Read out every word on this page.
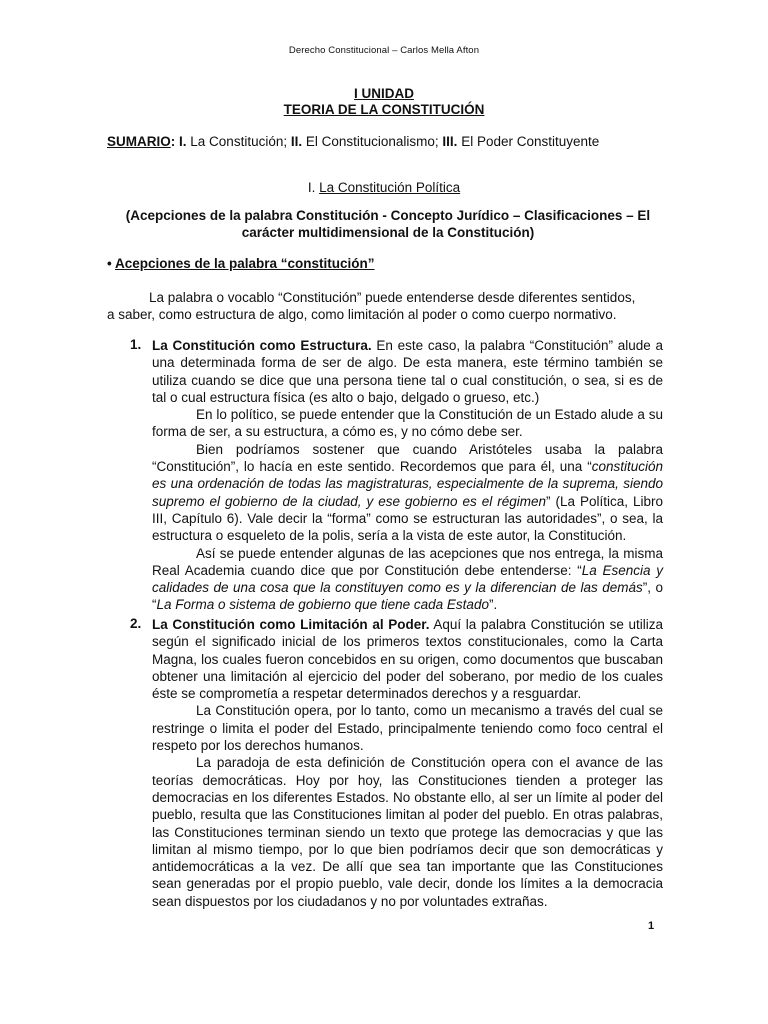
Derecho Constitucional – Carlos Mella Afton
I UNIDAD
TEORIA DE LA CONSTITUCIÓN
SUMARIO: I. La Constitución; II. El Constitucionalismo; III. El Poder Constituyente
I. La Constitución Política
(Acepciones de la palabra Constitución - Concepto Jurídico – Clasificaciones – El carácter multidimensional de la Constitución)
• Acepciones de la palabra “constitución”
La palabra o vocablo “Constitución” puede entenderse desde diferentes sentidos,
a saber, como estructura de algo, como limitación al poder o como cuerpo normativo.
1. La Constitución como Estructura. En este caso, la palabra “Constitución” alude a una determinada forma de ser de algo. De esta manera, este término también se utiliza cuando se dice que una persona tiene tal o cual constitución, o sea, si es de tal o cual estructura física (es alto o bajo, delgado o grueso, etc.)

En lo político, se puede entender que la Constitución de un Estado alude a su forma de ser, a su estructura, a cómo es, y no cómo debe ser.

Bien podríamos sostener que cuando Aristóteles usaba la palabra “Constitución”, lo hacía en este sentido. Recordemos que para él, una “constitución es una ordenación de todas las magistraturas, especialmente de la suprema, siendo supremo el gobierno de la ciudad, y ese gobierno es el régimen” (La Política, Libro III, Capítulo 6). Vale decir la “forma” como se estructuran las autoridades”, o sea, la estructura o esqueleto de la polis, sería a la vista de este autor, la Constitución.

Así se puede entender algunas de las acepciones que nos entrega, la misma Real Academia cuando dice que por Constitución debe entenderse: “La Esencia y calidades de una cosa que la constituyen como es y la diferencian de las demás”, o “La Forma o sistema de gobierno que tiene cada Estado”.

2. La Constitución como Limitación al Poder. Aquí la palabra Constitución se utiliza según el significado inicial de los primeros textos constitucionales, como la Carta Magna, los cuales fueron concebidos en su origen, como documentos que buscaban obtener una limitación al ejercicio del poder del soberano, por medio de los cuales éste se comprometía a respetar determinados derechos y a resguardar.

La Constitución opera, por lo tanto, como un mecanismo a través del cual se restringe o limita el poder del Estado, principalmente teniendo como foco central el respeto por los derechos humanos.

La paradoja de esta definición de Constitución opera con el avance de las teorías democráticas. Hoy por hoy, las Constituciones tienden a proteger las democracias en los diferentes Estados. No obstante ello, al ser un límite al poder del pueblo, resulta que las Constituciones limitan al poder del pueblo. En otras palabras, las Constituciones terminan siendo un texto que protege las democracias y que las limitan al mismo tiempo, por lo que bien podríamos decir que son democráticas y antidemocráticas a la vez. De allí que sea tan importante que las Constituciones sean generadas por el propio pueblo, vale decir, donde los límites a la democracia sean dispuestos por los ciudadanos y no por voluntades extrañas.

1
